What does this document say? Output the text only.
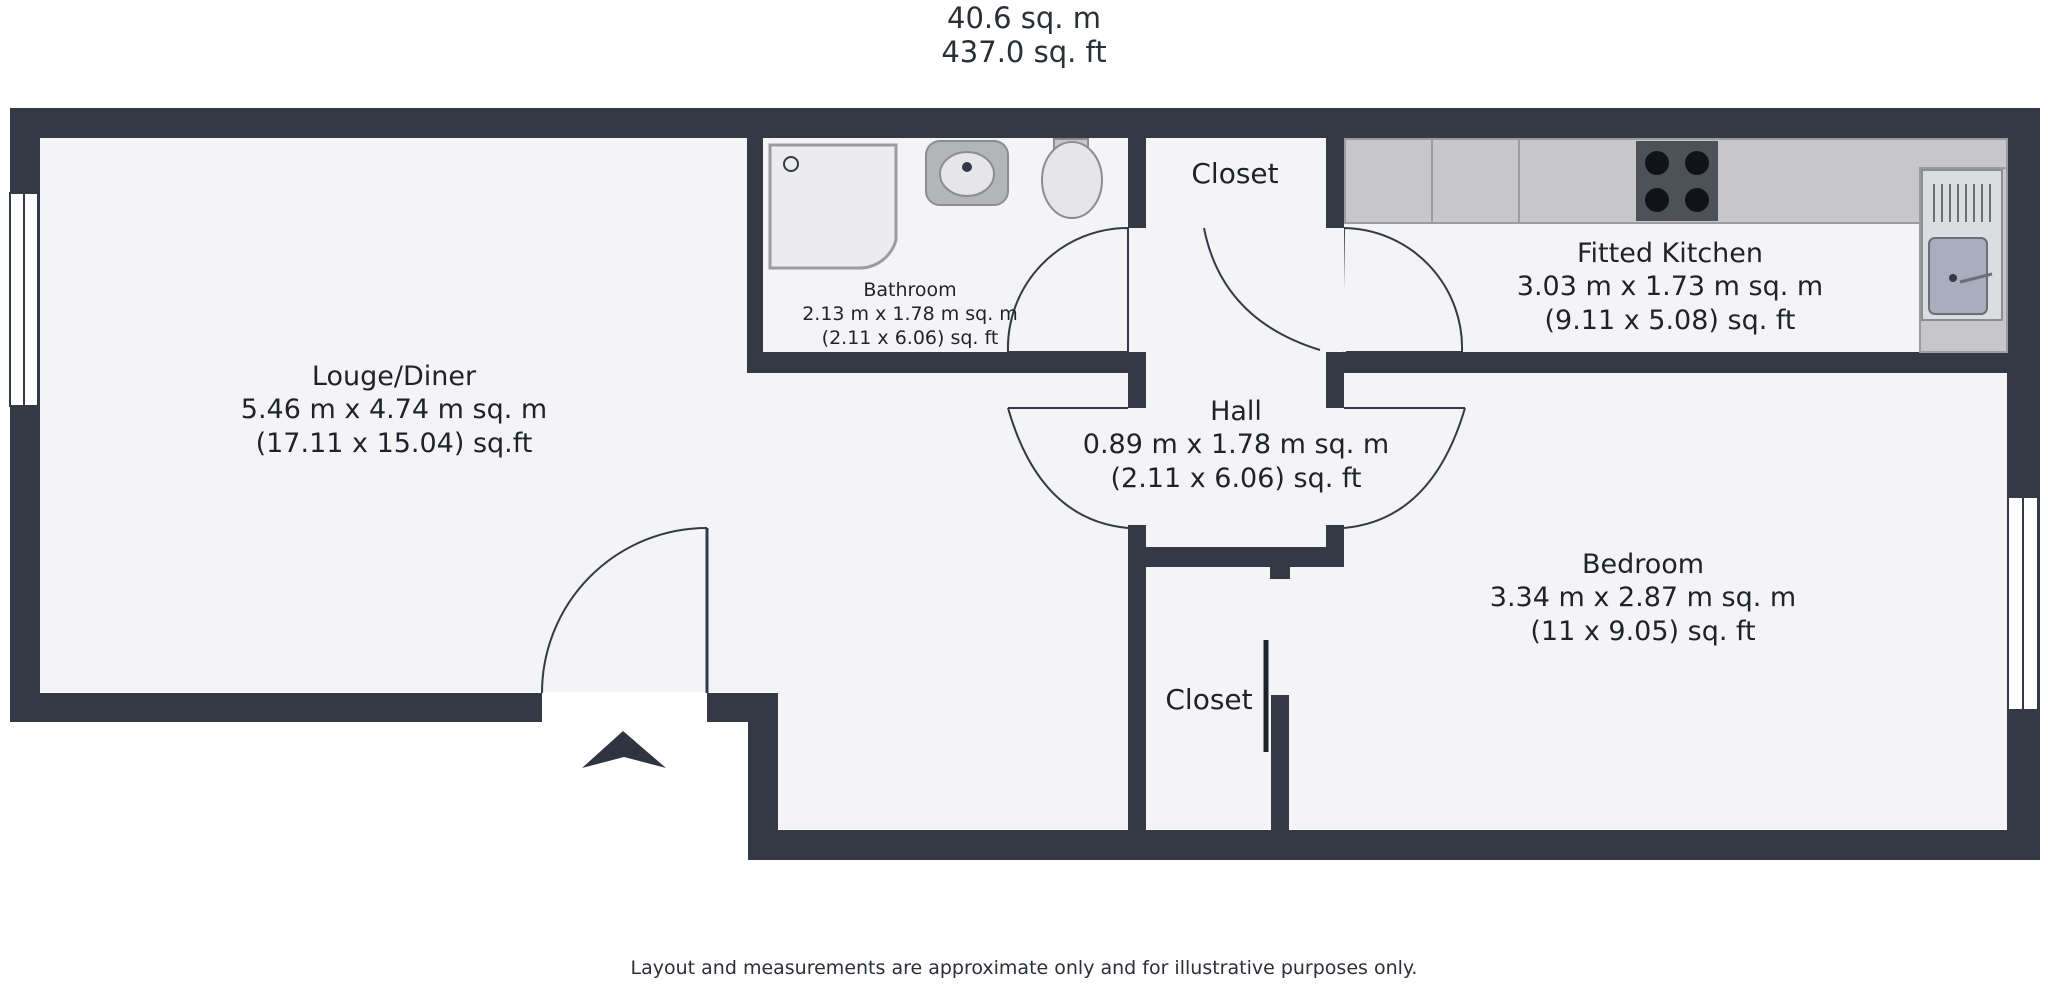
40.6 sq. m
437.0 sq. ft
Louge/Diner
5.46 m x 4.74 m sq. m
(17.11 x 15.04) sq.ft
Bathroom
2.13 m x 1.78 m sq. m
(2.11 x 6.06) sq. ft
Closet
Fitted Kitchen
3.03 m x 1.73 m sq. m
(9.11 x 5.08) sq. ft
Hall
0.89 m x 1.78 m sq. m
(2.11 x 6.06) sq. ft
Bedroom
3.34 m x 2.87 m sq. m
(11 x 9.05) sq. ft
Closet
Layout and measurements are approximate only and for illustrative purposes only.
